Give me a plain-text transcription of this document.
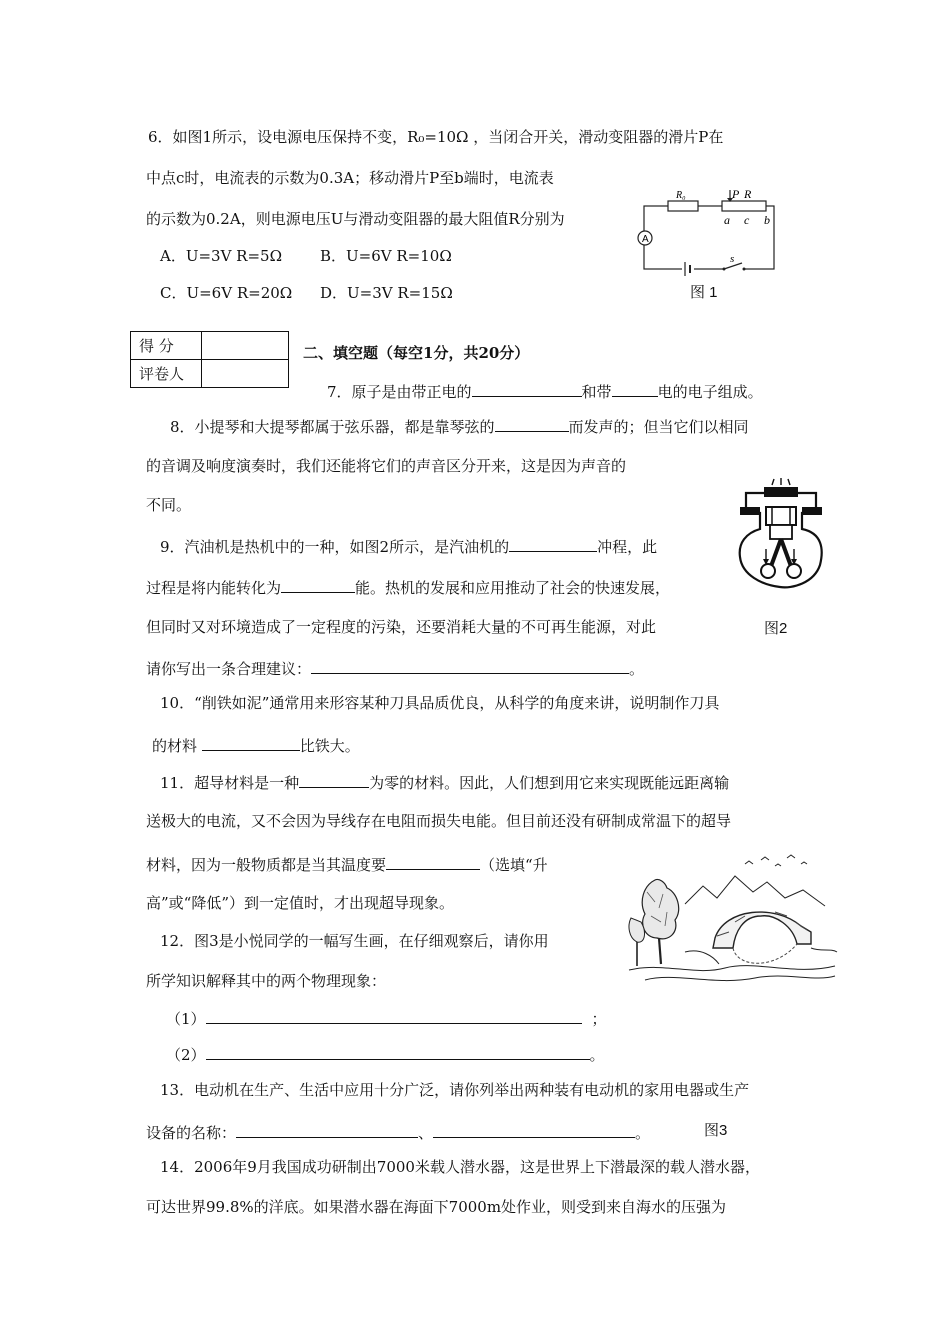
6．如图1所示，设电源电压保持不变，R₀=10Ω ，当闭合开关，滑动变阻器的滑片P在
中点c时，电流表的示数为0.3A；移动滑片P至b端时，电流表
的示数为0.2A，则电源电压U与滑动变阻器的最大阻值R分别为
A．U=3V R=5Ω	B．U=6V R=10Ω
C．U=6V R=20Ω D．U=3V R=15Ω
A
R₀	P R
a c b
s
图 1
得 分	
评卷人	
二、填空题（每空1分，共20分）
7．原子是由带正电的	和带	电的电子组成。
8．小提琴和大提琴都属于弦乐器，都是靠琴弦的	而发声的；但当它们以相同
的音调及响度演奏时，我们还能将它们的声音区分开来，这是因为声音的
不同。
图2
9．汽油机是热机中的一种，如图2所示，是汽油机的	冲程，此
过程是将内能转化为	能。热机的发展和应用推动了社会的快速发展，
但同时又对环境造成了一定程度的污染，还要消耗大量的不可再生能源，对此
请你写出一条合理建议：	。
10．“削铁如泥”通常用来形容某种刀具品质优良，从科学的角度来讲，说明制作刀具
的材料	比铁大。
11．超导材料是一种	为零的材料。因此，人们想到用它来实现既能远距离输
送极大的电流，又不会因为导线存在电阻而损失电能。但目前还没有研制成常温下的超导
材料，因为一般物质都是当其温度要	（选填“升
高”或“降低”）到一定值时，才出现超导现象。
12．图3是小悦同学的一幅写生画，在仔细观察后，请你用
所学知识解释其中的两个物理现象：
（1）	；
（2）	。
13．电动机在生产、生活中应用十分广泛，请你列举出两种装有电动机的家用电器或生产
设备的名称：	、	。	图3
14．2006年9月我国成功研制出7000米载人潜水器，这是世界上下潜最深的载人潜水器，
可达世界99.8%的洋底。如果潜水器在海面下7000m处作业，则受到来自海水的压强为
